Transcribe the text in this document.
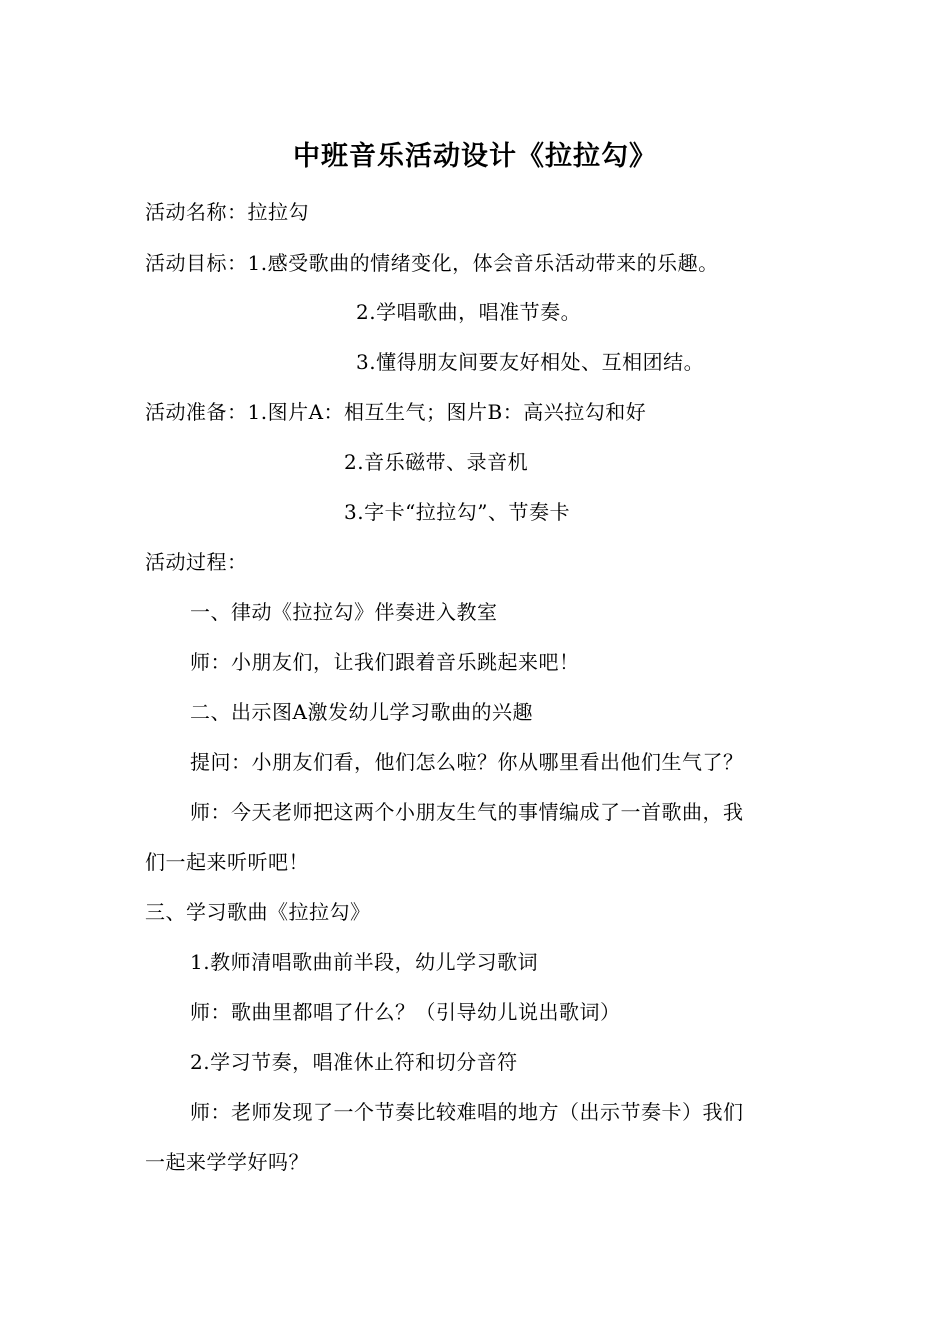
中班音乐活动设计《拉拉勾》
活动名称：拉拉勾
活动目标：1.感受歌曲的情绪变化，体会音乐活动带来的乐趣。
2.学唱歌曲，唱准节奏。
3.懂得朋友间要友好相处、互相团结。
活动准备：1.图片A：相互生气；图片B：高兴拉勾和好
2.音乐磁带、录音机
3.字卡“拉拉勾”、节奏卡
活动过程：
一、律动《拉拉勾》伴奏进入教室
师：小朋友们，让我们跟着音乐跳起来吧！
二、出示图A激发幼儿学习歌曲的兴趣
提问：小朋友们看，他们怎么啦？你从哪里看出他们生气了？
师：今天老师把这两个小朋友生气的事情编成了一首歌曲，我
们一起来听听吧！
三、学习歌曲《拉拉勾》
1.教师清唱歌曲前半段，幼儿学习歌词
师：歌曲里都唱了什么？（引导幼儿说出歌词）
2.学习节奏，唱准休止符和切分音符
师：老师发现了一个节奏比较难唱的地方（出示节奏卡）我们
一起来学学好吗？
